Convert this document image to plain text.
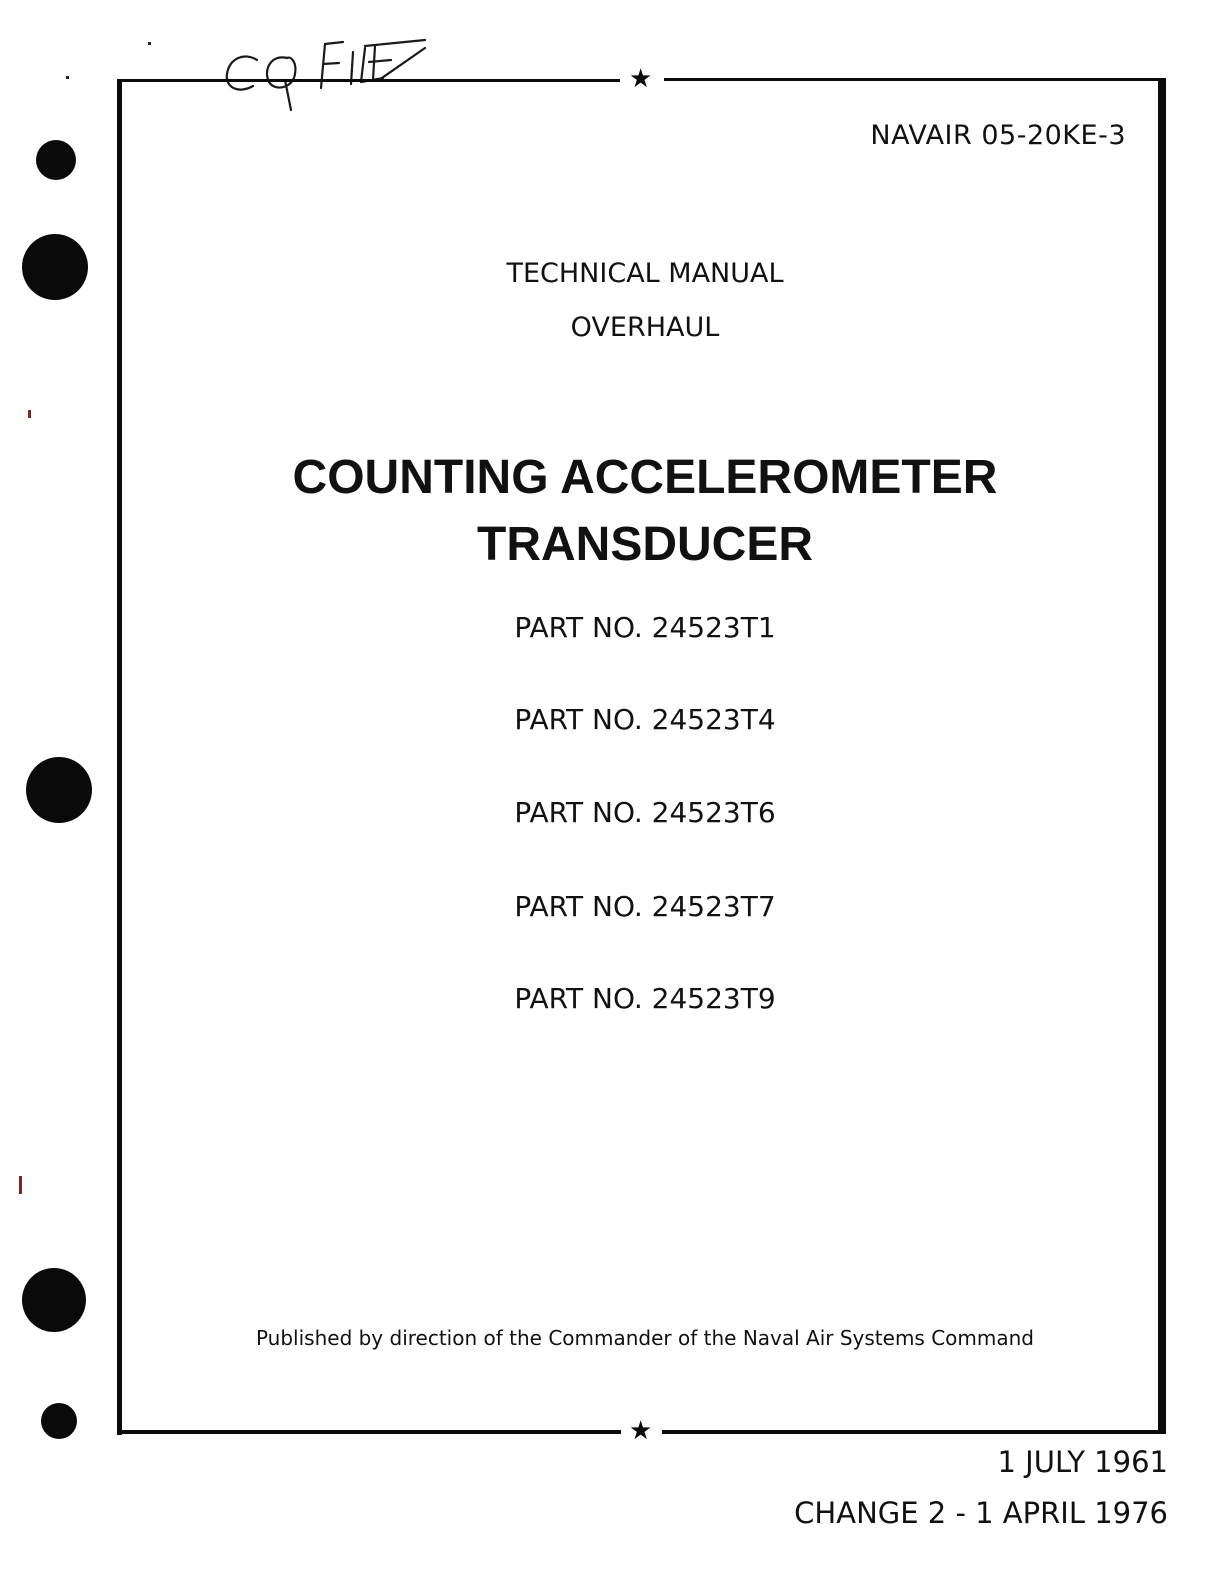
★
★
NAVAIR 05-20KE-3
TECHNICAL MANUAL
OVERHAUL
COUNTING ACCELEROMETER
TRANSDUCER
PART NO. 24523T1
PART NO. 24523T4
PART NO. 24523T6
PART NO. 24523T7
PART NO. 24523T9
Published by direction of the Commander of the Naval Air Systems Command
1 JULY 1961
CHANGE 2 - 1 APRIL 1976
